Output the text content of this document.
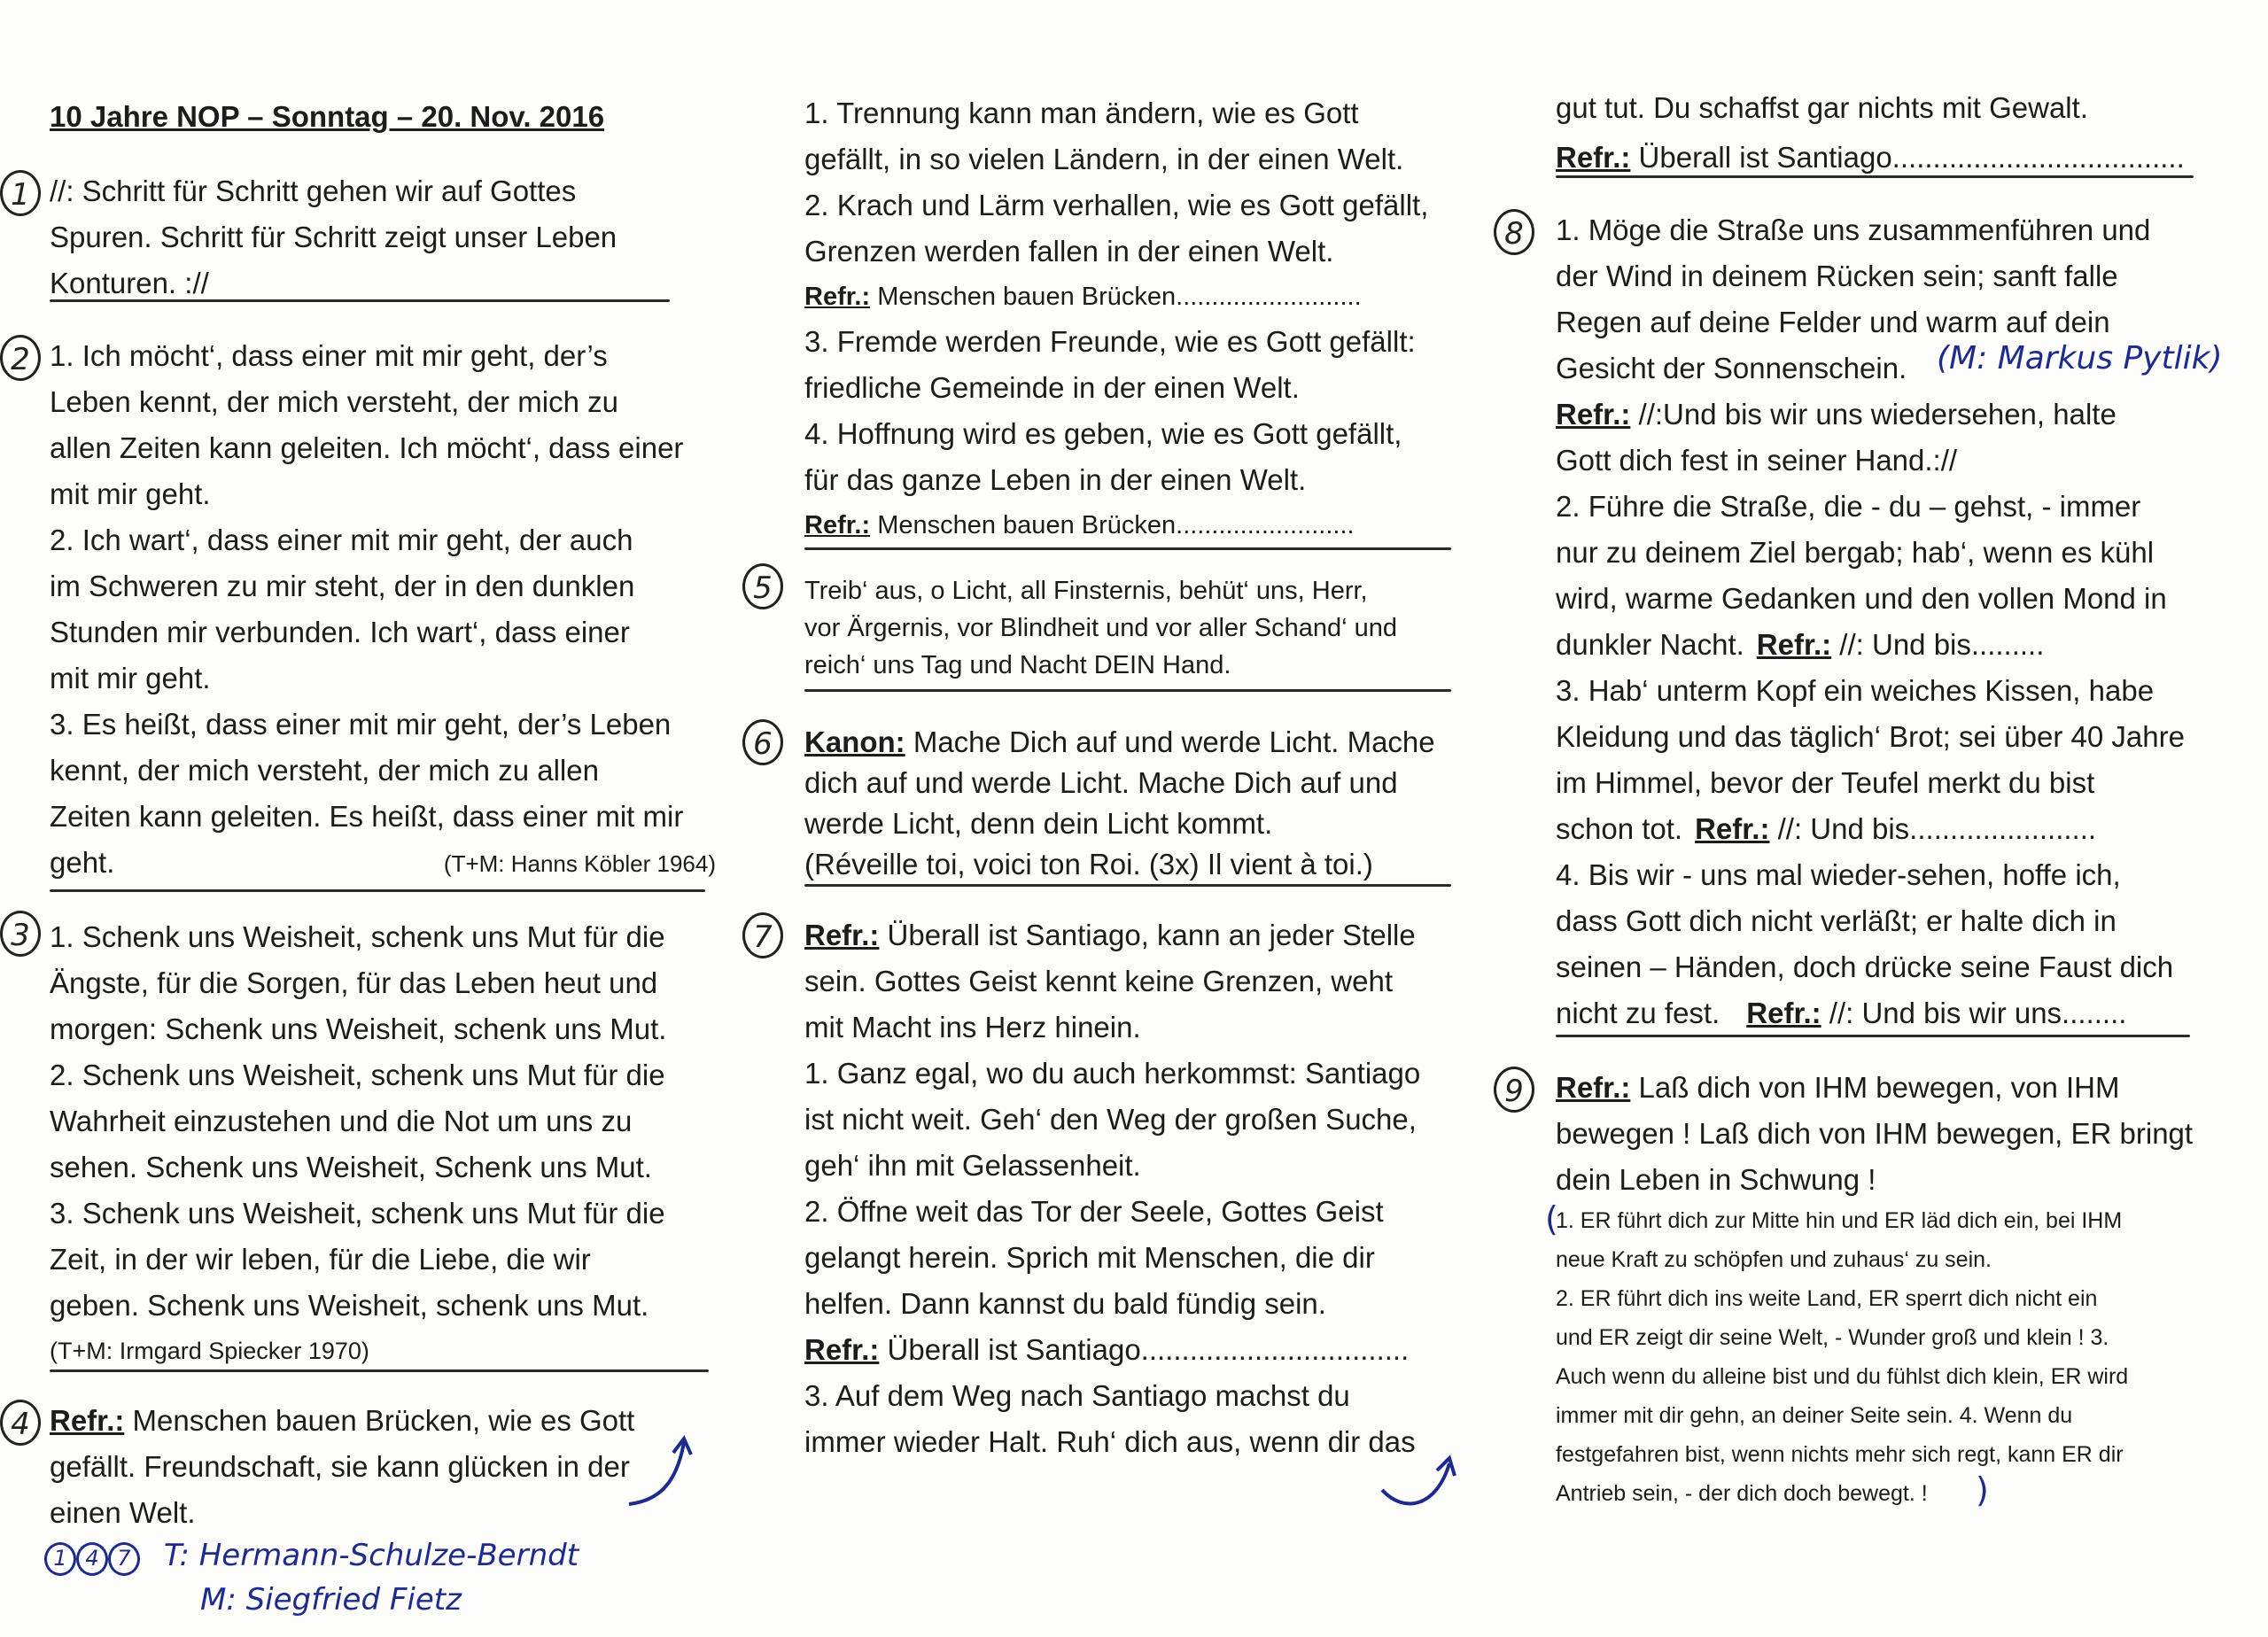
10 Jahre NOP – Sonntag – 20. Nov. 2016
1 //: Schritt für Schritt gehen wir auf Gottes
Spuren. Schritt für Schritt zeigt unser Leben
Konturen. ://
2 1. Ich möcht‘, dass einer mit mir geht, der’s
Leben kennt, der mich versteht, der mich zu
allen Zeiten kann geleiten. Ich möcht‘, dass einer
mit mir geht.
2. Ich wart‘, dass einer mit mir geht, der auch
im Schweren zu mir steht, der in den dunklen
Stunden mir verbunden. Ich wart‘, dass einer
mit mir geht.
3. Es heißt, dass einer mit mir geht, der’s Leben
kennt, der mich versteht, der mich zu allen
Zeiten kann geleiten. Es heißt, dass einer mit mir
geht.	(T+M: Hanns Köbler 1964)
3 1. Schenk uns Weisheit, schenk uns Mut für die
Ängste, für die Sorgen, für das Leben heut und
morgen: Schenk uns Weisheit, schenk uns Mut.
2. Schenk uns Weisheit, schenk uns Mut für die
Wahrheit einzustehen und die Not um uns zu
sehen. Schenk uns Weisheit, Schenk uns Mut.
3. Schenk uns Weisheit, schenk uns Mut für die
Zeit, in der wir leben, für die Liebe, die wir
geben. Schenk uns Weisheit, schenk uns Mut.
(T+M: Irmgard Spiecker 1970)
4 Refr.: Menschen bauen Brücken, wie es Gott
gefällt. Freundschaft, sie kann glücken in der
einen Welt.
1 4 7 T: Hermann-Schulze-Berndt
M: Siegfried Fietz
1. Trennung kann man ändern, wie es Gott
gefällt, in so vielen Ländern, in der einen Welt.
2. Krach und Lärm verhallen, wie es Gott gefällt,
Grenzen werden fallen in der einen Welt.
Refr.: Menschen bauen Brücken..........................
3. Fremde werden Freunde, wie es Gott gefällt:
friedliche Gemeinde in der einen Welt.
4. Hoffnung wird es geben, wie es Gott gefällt,
für das ganze Leben in der einen Welt.
Refr.: Menschen bauen Brücken.........................
5	Treib‘ aus, o Licht, all Finsternis, behüt‘ uns, Herr,
vor Ärgernis, vor Blindheit und vor aller Schand‘ und
reich‘ uns Tag und Nacht DEIN Hand.
6	Kanon: Mache Dich auf und werde Licht. Mache
dich auf und werde Licht. Mache Dich auf und
werde Licht, denn dein Licht kommt.
(Réveille toi, voici ton Roi. (3x) Il vient à toi.)
7	Refr.: Überall ist Santiago, kann an jeder Stelle
sein. Gottes Geist kennt keine Grenzen, weht
mit Macht ins Herz hinein.
1. Ganz egal, wo du auch herkommst: Santiago
ist nicht weit. Geh‘ den Weg der großen Suche,
geh‘ ihn mit Gelassenheit.
2. Öffne weit das Tor der Seele, Gottes Geist
gelangt herein. Sprich mit Menschen, die dir
helfen. Dann kannst du bald fündig sein.
Refr.: Überall ist Santiago.................................
3. Auf dem Weg nach Santiago machst du
immer wieder Halt. Ruh‘ dich aus, wenn dir das
gut tut. Du schaffst gar nichts mit Gewalt.
Refr.: Überall ist Santiago....................................
8	1. Möge die Straße uns zusammenführen und
der Wind in deinem Rücken sein; sanft falle
Regen auf deine Felder und warm auf dein
Gesicht der Sonnenschein. (M: Markus Pytlik)
Refr.: //:Und bis wir uns wiedersehen, halte
Gott dich fest in seiner Hand.://
2. Führe die Straße, die - du – gehst, - immer
nur zu deinem Ziel bergab; hab‘, wenn es kühl
wird, warme Gedanken und den vollen Mond in
dunkler Nacht. Refr.: //: Und bis.........
3. Hab‘ unterm Kopf ein weiches Kissen, habe
Kleidung und das täglich‘ Brot; sei über 40 Jahre
im Himmel, bevor der Teufel merkt du bist
schon tot. Refr.: //: Und bis.......................
4. Bis wir - uns mal wieder-sehen, hoffe ich,
dass Gott dich nicht verläßt; er halte dich in
seinen – Händen, doch drücke seine Faust dich
nicht zu fest. Refr.: //: Und bis wir uns........
9	Refr.: Laß dich von IHM bewegen, von IHM
bewegen ! Laß dich von IHM bewegen, ER bringt
dein Leben in Schwung !
(
1. ER führt dich zur Mitte hin und ER läd dich ein, bei IHM
neue Kraft zu schöpfen und zuhaus‘ zu sein.
2. ER führt dich ins weite Land, ER sperrt dich nicht ein
und ER zeigt dir seine Welt, - Wunder groß und klein ! 3.
Auch wenn du alleine bist und du fühlst dich klein, ER wird
immer mit dir gehn, an deiner Seite sein. 4. Wenn du
festgefahren bist, wenn nichts mehr sich regt, kann ER dir
Antrieb sein, - der dich doch bewegt. ! )
